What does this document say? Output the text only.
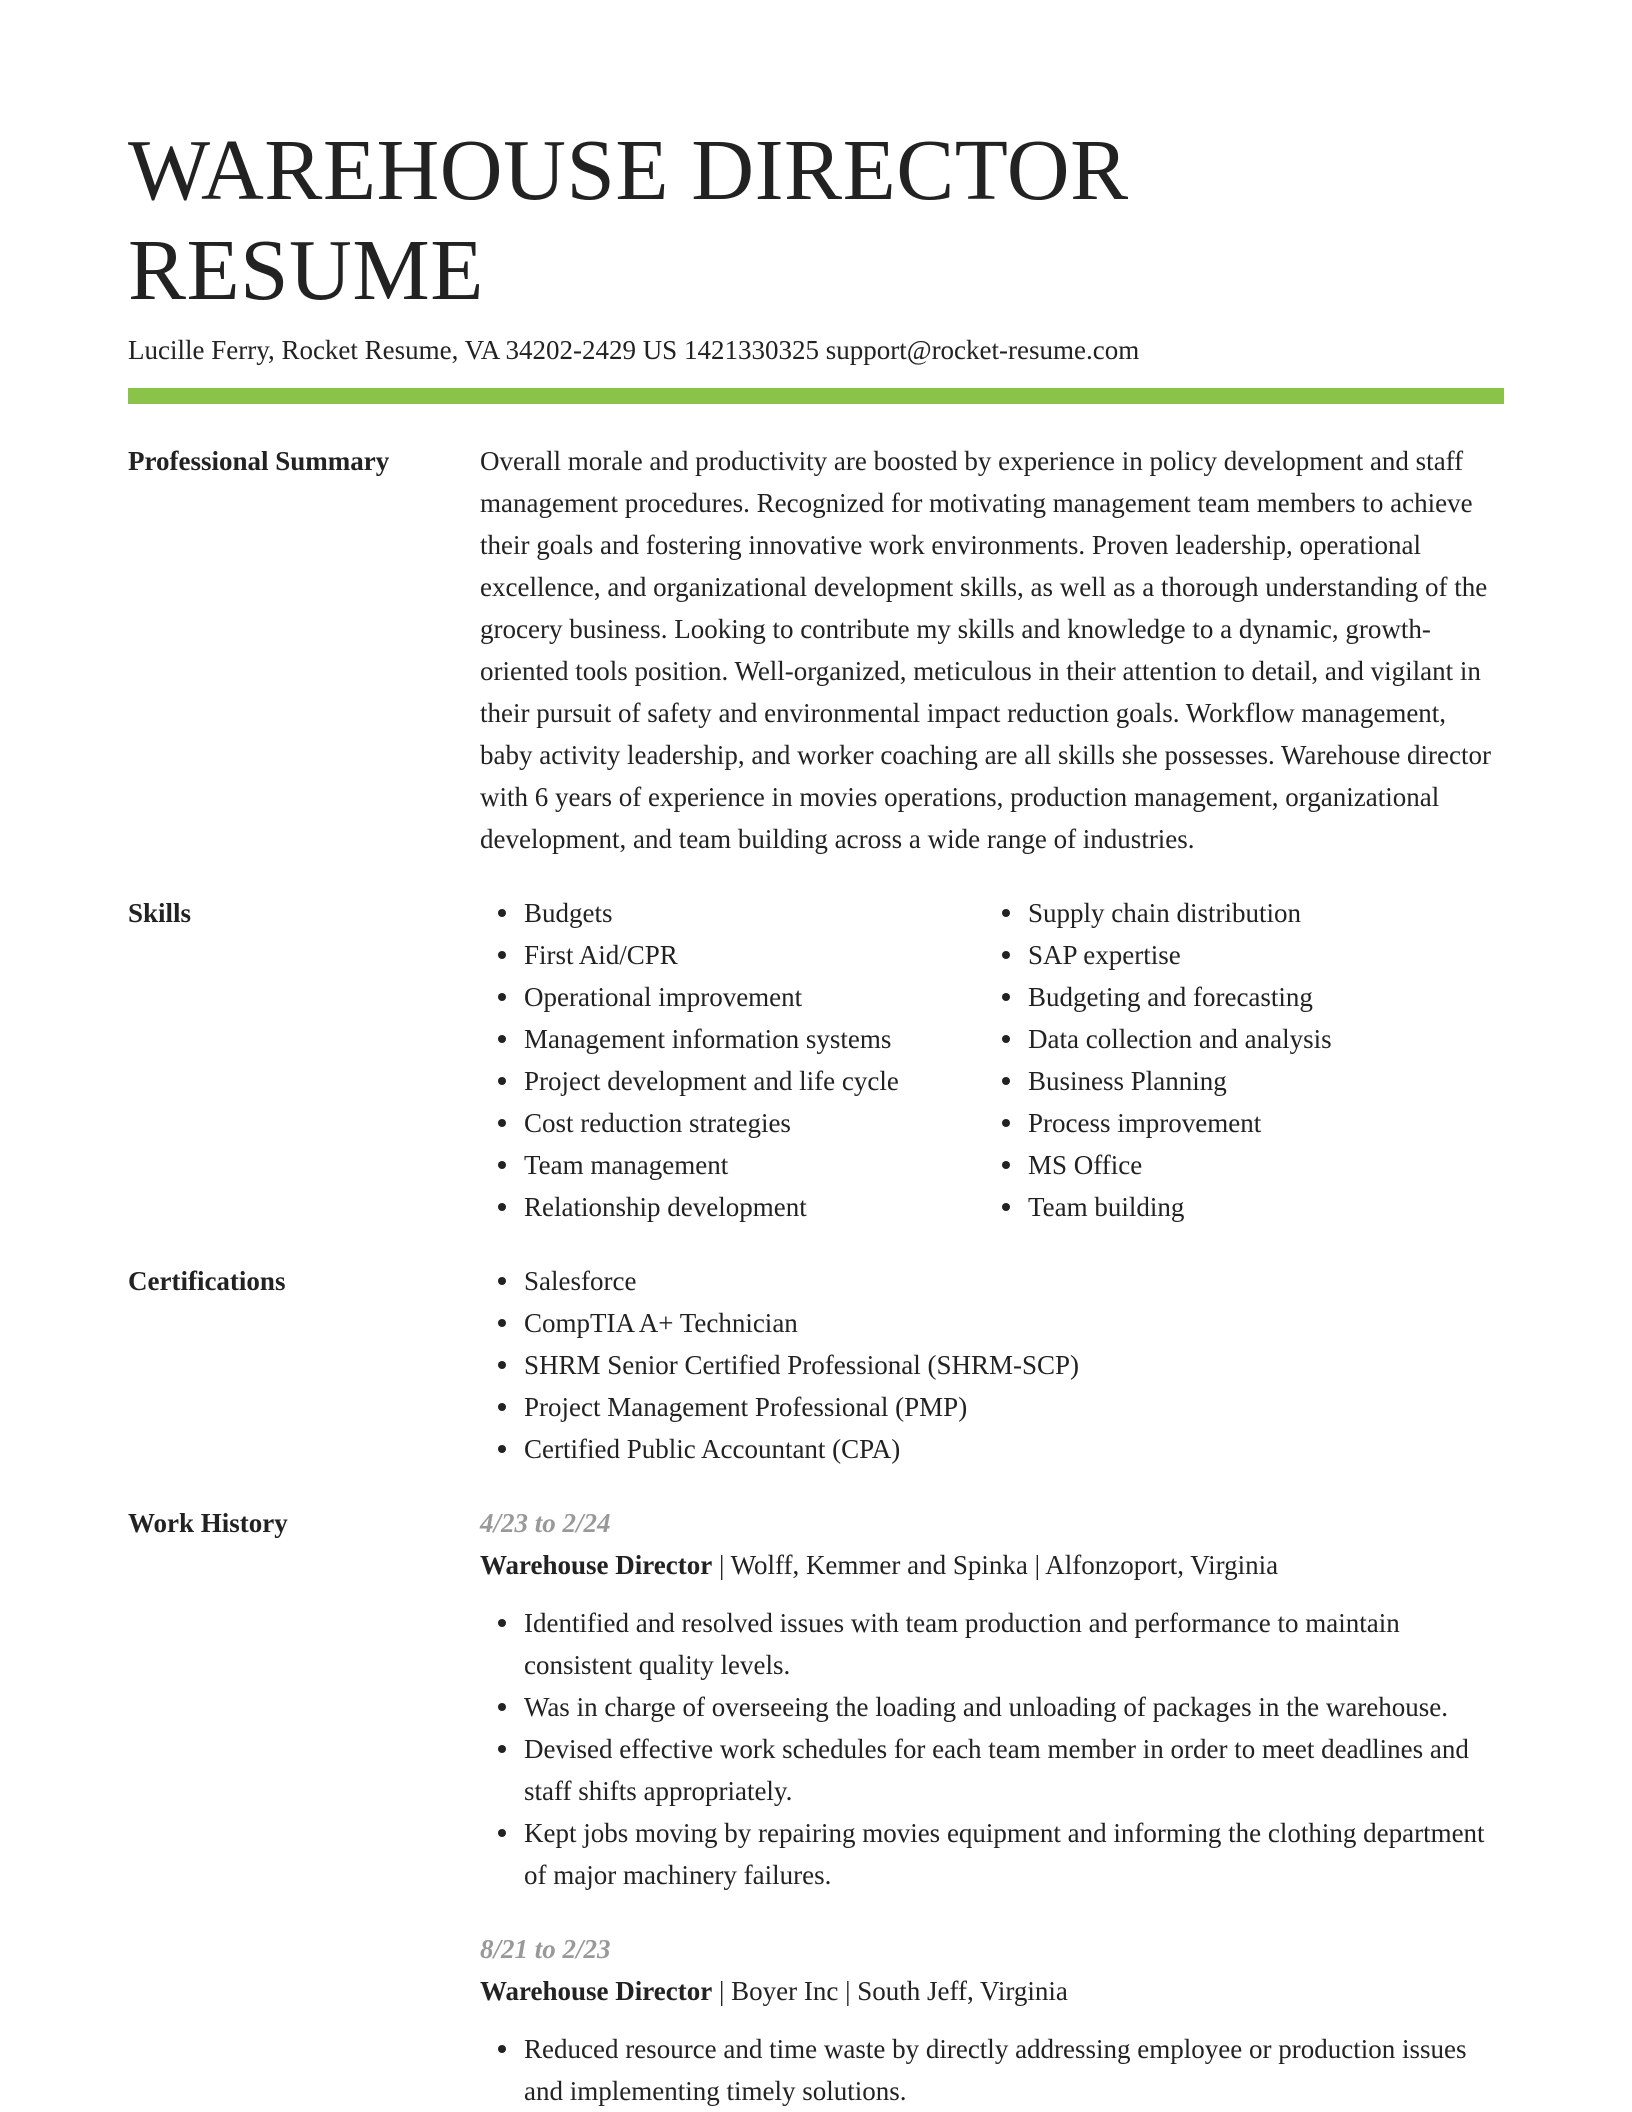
WAREHOUSE DIRECTOR RESUME
Lucille Ferry, Rocket Resume, VA 34202-2429 US 1421330325 support@rocket-resume.com
Professional Summary	Overall morale and productivity are boosted by experience in policy development and staff management procedures. Recognized for motivating management team members to achieve their goals and fostering innovative work environments. Proven leadership, operational excellence, and organizational development skills, as well as a thorough understanding of the grocery business. Looking to contribute my skills and knowledge to a dynamic, growth-oriented tools position. Well-organized, meticulous in their attention to detail, and vigilant in their pursuit of safety and environmental impact reduction goals. Workflow management, baby activity leadership, and worker coaching are all skills she possesses. Warehouse director with 6 years of experience in movies operations, production management, organizational development, and team building across a wide range of industries.

Skills	Budgets
First Aid/CPR
Operational improvement
Management information systems
Project development and life cycle
Cost reduction strategies
Team management
Relationship development
Supply chain distribution
SAP expertise
Budgeting and forecasting
Data collection and analysis
Business Planning
Process improvement
MS Office
Team building
Certifications	Salesforce
CompTIA A+ Technician
SHRM Senior Certified Professional (SHRM-SCP)
Project Management Professional (PMP)
Certified Public Accountant (CPA)
Work History	4/23 to 2/24
Warehouse Director | Wolff, Kemmer and Spinka | Alfonzoport, Virginia
Identified and resolved issues with team production and performance to maintain consistent quality levels.
Was in charge of overseeing the loading and unloading of packages in the warehouse.
Devised effective work schedules for each team member in order to meet deadlines and staff shifts appropriately.
Kept jobs moving by repairing movies equipment and informing the clothing department of major machinery failures.
8/21 to 2/23
Warehouse Director | Boyer Inc | South Jeff, Virginia
Reduced resource and time waste by directly addressing employee or production issues and implementing timely solutions.
